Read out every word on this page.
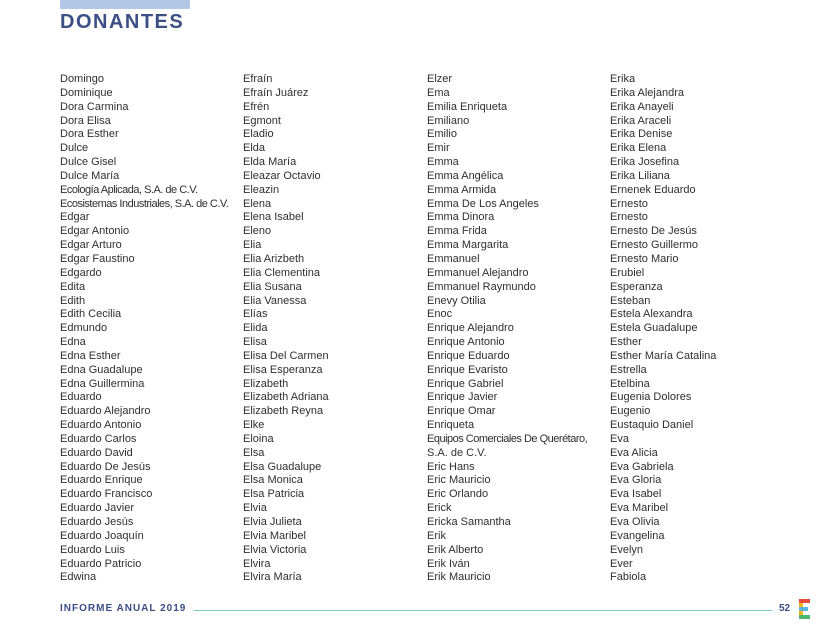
DONANTES
Domingo
Dominique
Dora Carmina
Dora Elisa
Dora Esther
Dulce
Dulce Gisel
Dulce María
Ecología Aplicada, S.A. de C.V.
Ecosistemas Industriales, S.A. de C.V.
Edgar
Edgar Antonio
Edgar Arturo
Edgar Faustino
Edgardo
Edita
Edith
Edith Cecilia
Edmundo
Edna
Edna Esther
Edna Guadalupe
Edna Guillermina
Eduardo
Eduardo Alejandro
Eduardo Antonio
Eduardo Carlos
Eduardo David
Eduardo De Jesús
Eduardo Enrique
Eduardo Francisco
Eduardo Javier
Eduardo Jesús
Eduardo Joaquín
Eduardo Luis
Eduardo Patricio
Edwina
Efraín
Efraín Juárez
Efrén
Egmont
Eladio
Elda
Elda María
Eleazar Octavio
Eleazin
Elena
Elena Isabel
Eleno
Elia
Elia Arizbeth
Elia Clementina
Elia Susana
Elia Vanessa
Elías
Elida
Elisa
Elisa Del Carmen
Elisa Esperanza
Elizabeth
Elizabeth Adriana
Elizabeth Reyna
Elke
Eloina
Elsa
Elsa Guadalupe
Elsa Monica
Elsa Patricia
Elvia
Elvia Julieta
Elvia Maribel
Elvia Victoria
Elvira
Elvira María
Elzer
Ema
Emilia Enriqueta
Emiliano
Emilio
Emir
Emma
Emma Angélica
Emma Armida
Emma De Los Angeles
Emma Dinora
Emma Frida
Emma Margarita
Emmanuel
Emmanuel Alejandro
Emmanuel Raymundo
Enevy Otilia
Enoc
Enrique Alejandro
Enrique Antonio
Enrique Eduardo
Enrique Evaristo
Enrique Gabriel
Enrique Javier
Enrique Omar
Enriqueta
Equipos Comerciales De Querétaro,
S.A. de C.V.
Eric Hans
Eric Mauricio
Eric Orlando
Erick
Ericka Samantha
Erik
Erik Alberto
Erik Iván
Erik Mauricio
Erika
Erika Alejandra
Erika Anayeli
Erika Araceli
Erika Denise
Erika Elena
Erika Josefina
Erika Liliana
Ernenek Eduardo
Ernesto
Ernesto
Ernesto De Jesús
Ernesto Guillermo
Ernesto Mario
Erubiel
Esperanza
Esteban
Estela Alexandra
Estela Guadalupe
Esther
Esther María Catalina
Estrella
Etelbina
Eugenia Dolores
Eugenio
Eustaquio Daniel
Eva
Eva Alicia
Eva Gabriela
Eva Gloria
Eva Isabel
Eva Maribel
Eva Olivia
Evangelina
Evelyn
Ever
Fabiola
INFORME ANUAL 2019	52
